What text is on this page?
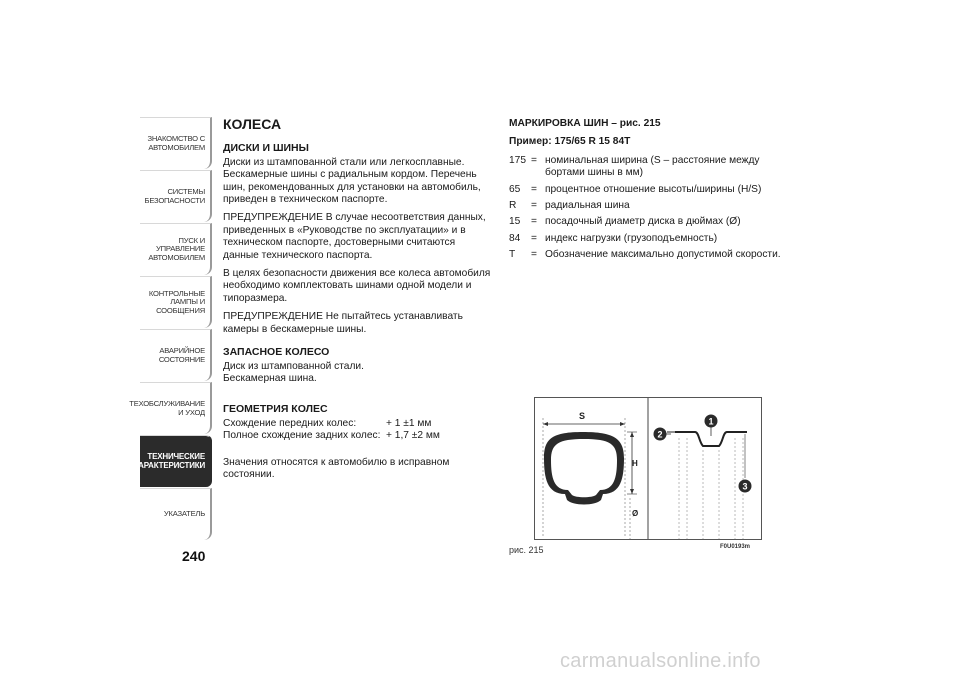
ЗНАКОМСТВО С
АВТОМОБИЛЕМ
СИСТЕМЫ
БЕЗОПАСНОСТИ
ПУСК И УПРАВЛЕНИЕ
АВТОМОБИЛЕМ
КОНТРОЛЬНЫЕ
ЛАМПЫ И
СООБЩЕНИЯ
АВАРИЙНОЕ
СОСТОЯНИЕ
ТЕХОБСЛУЖИВАНИЕ
И УХОД
ТЕХНИЧЕСКИЕ
ХАРАКТЕРИСТИКИ
УКАЗАТЕЛЬ
240
КОЛЕСА
ДИСКИ И ШИНЫ

Диски из штампованной стали или легкосплавные. Бескамерные шины с радиальным кордом. Перечень шин, рекомендованных для установки на автомобиль, приведен в техническом паспорте.

ПРЕДУПРЕЖДЕНИЕ В случае несоответствия данных, приведенных в «Руководстве по эксплуатации» и в техническом паспорте, достоверными считаются данные технического паспорта.

В целях безопасности движения все колеса автомобиля необходимо комплектовать шинами одной модели и типоразмера.

ПРЕДУПРЕЖДЕНИЕ Не пытайтесь устанавливать камеры в бескамерные шины.

ЗАПАСНОЕ КОЛЕСО
Диск из штампованной стали.
Бескамерная шина.
ГЕОМЕТРИЯ КОЛЕС
Схождение передних колес:	+ 1 ±1 мм
Полное схождение задних колес: + 1,7 ±2 мм

Значения относятся к автомобилю в исправном состоянии.

МАРКИРОВКА ШИН – рис. 215
Пример: 175/65 R 15 84T
175 = номинальная ширина (S – расстояние между бортами шины в мм)
65	= процентное отношение высоты/ширины (H/S)
R	= радиальная шина
15	= посадочный диаметр диска в дюймах (Ø)
84	= индекс нагрузки (грузоподъемность)
T	= Обозначение максимально допустимой скорости.
S
H
Ø
1
2
3
рис. 215	F0U0193m
carmanualsonline.info
